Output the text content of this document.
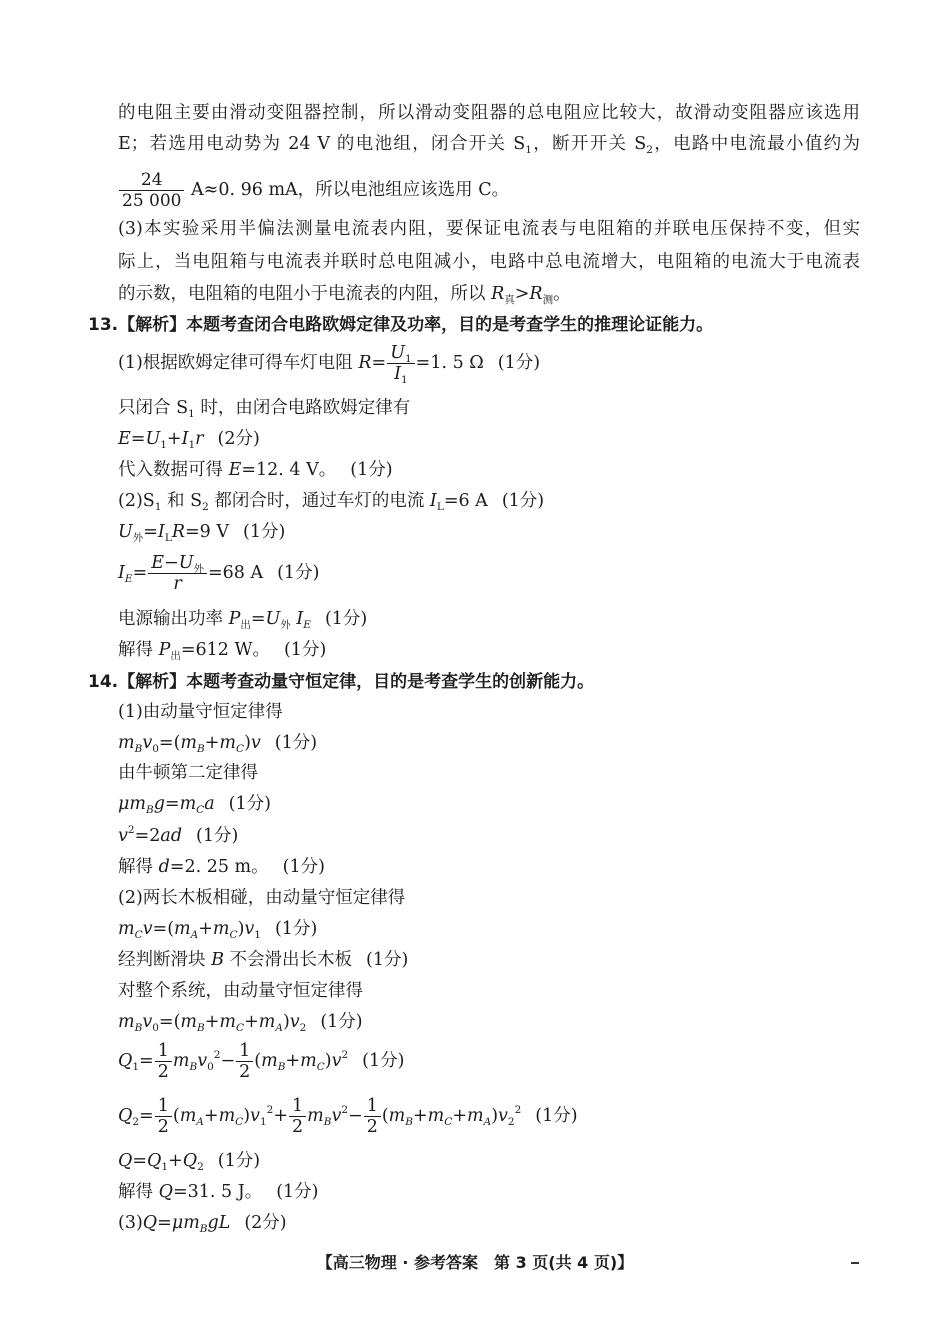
的电阻主要由滑动变阻器控制，所以滑动变阻器的总电阻应比较大，故滑动变阻器应该选用
E；若选用电动势为 24 V 的电池组，闭合开关 $S_1$，断开开关 $S_2$，电路中电流最小值约为
$\frac{24}{25 000} A\approx 0$. 96 mA，所以电池组应该选用 C。
(3)本实验采用半偏法测量电流表内阻，要保证电流表与电阻箱的并联电压保持不变，但实
际上，当电阻箱与电流表并联时总电阻减小，电路中总电流增大，电阻箱的电流大于电流表
的示数，电阻箱的电阻小于电流表的内阻，所以 $R_真>R_测$。
13.【解析】本题考查闭合电路欧姆定律及功率，目的是考查学生的推理论证能力。
(1)根据欧姆定律可得车灯电阻 $R= \frac{U_1}{I_1} =1$. 5 Ω (1分)
只闭合 $S_1$ 时，由闭合电路欧姆定律有
$E=U_1+I_1r$ (2分)
代入数据可得 E=12. 4 V。 (1分)
$(2)S_1$ 和 $S_2$ 都闭合时，通过车灯的电流 $I_L=6$ A (1分)
$U_外=I_LR=9$ V (1分)
$I_E= \frac{E-U_外}{r} =68$ A (1分)
电源输出功率 $P_出=U_外$ $I_E$ (1分)
解得 $P_出=612$ W。 (1分)
14.【解析】本题考查动量守恒定律，目的是考查学生的创新能力。
(1)由动量守恒定律得
$m_Bv_0=(m_B+m_C)v$ (1分)
由牛顿第二定律得
$\mu m_Bg=m_Ca$ (1分)
$v^2=2ad$ (1分)
解得 d=2. 25 m。 (1分)
(2)两长木板相碰，由动量守恒定律得
$m_Cv=(m_A+m_C)v_1$ (1分)
经判断滑块 B 不会滑出长木板 (1分)
对整个系统，由动量守恒定律得
$m_Bv_0=(m_B+m_C+m_A)v_2$ (1分)
$Q_1= \frac{1}{2} m_Bv_0^2- \frac{1}{2} (m_B+m_C)v^2$ (1分)
$Q_2= \frac{1}{2} (m_A+m_C)v_1^2+ \frac{1}{2} m_Bv^2- \frac{1}{2} (m_B+m_C+m_A)v_2^2$ (1分)
$Q=Q_1+Q_2$ (1分)
解得 Q=31. 5 J。 (1分)
$(3)Q=\mu m_BgL$ (2分)
【高三物理 · 参考答案　第 3 页(共 4 页)】
